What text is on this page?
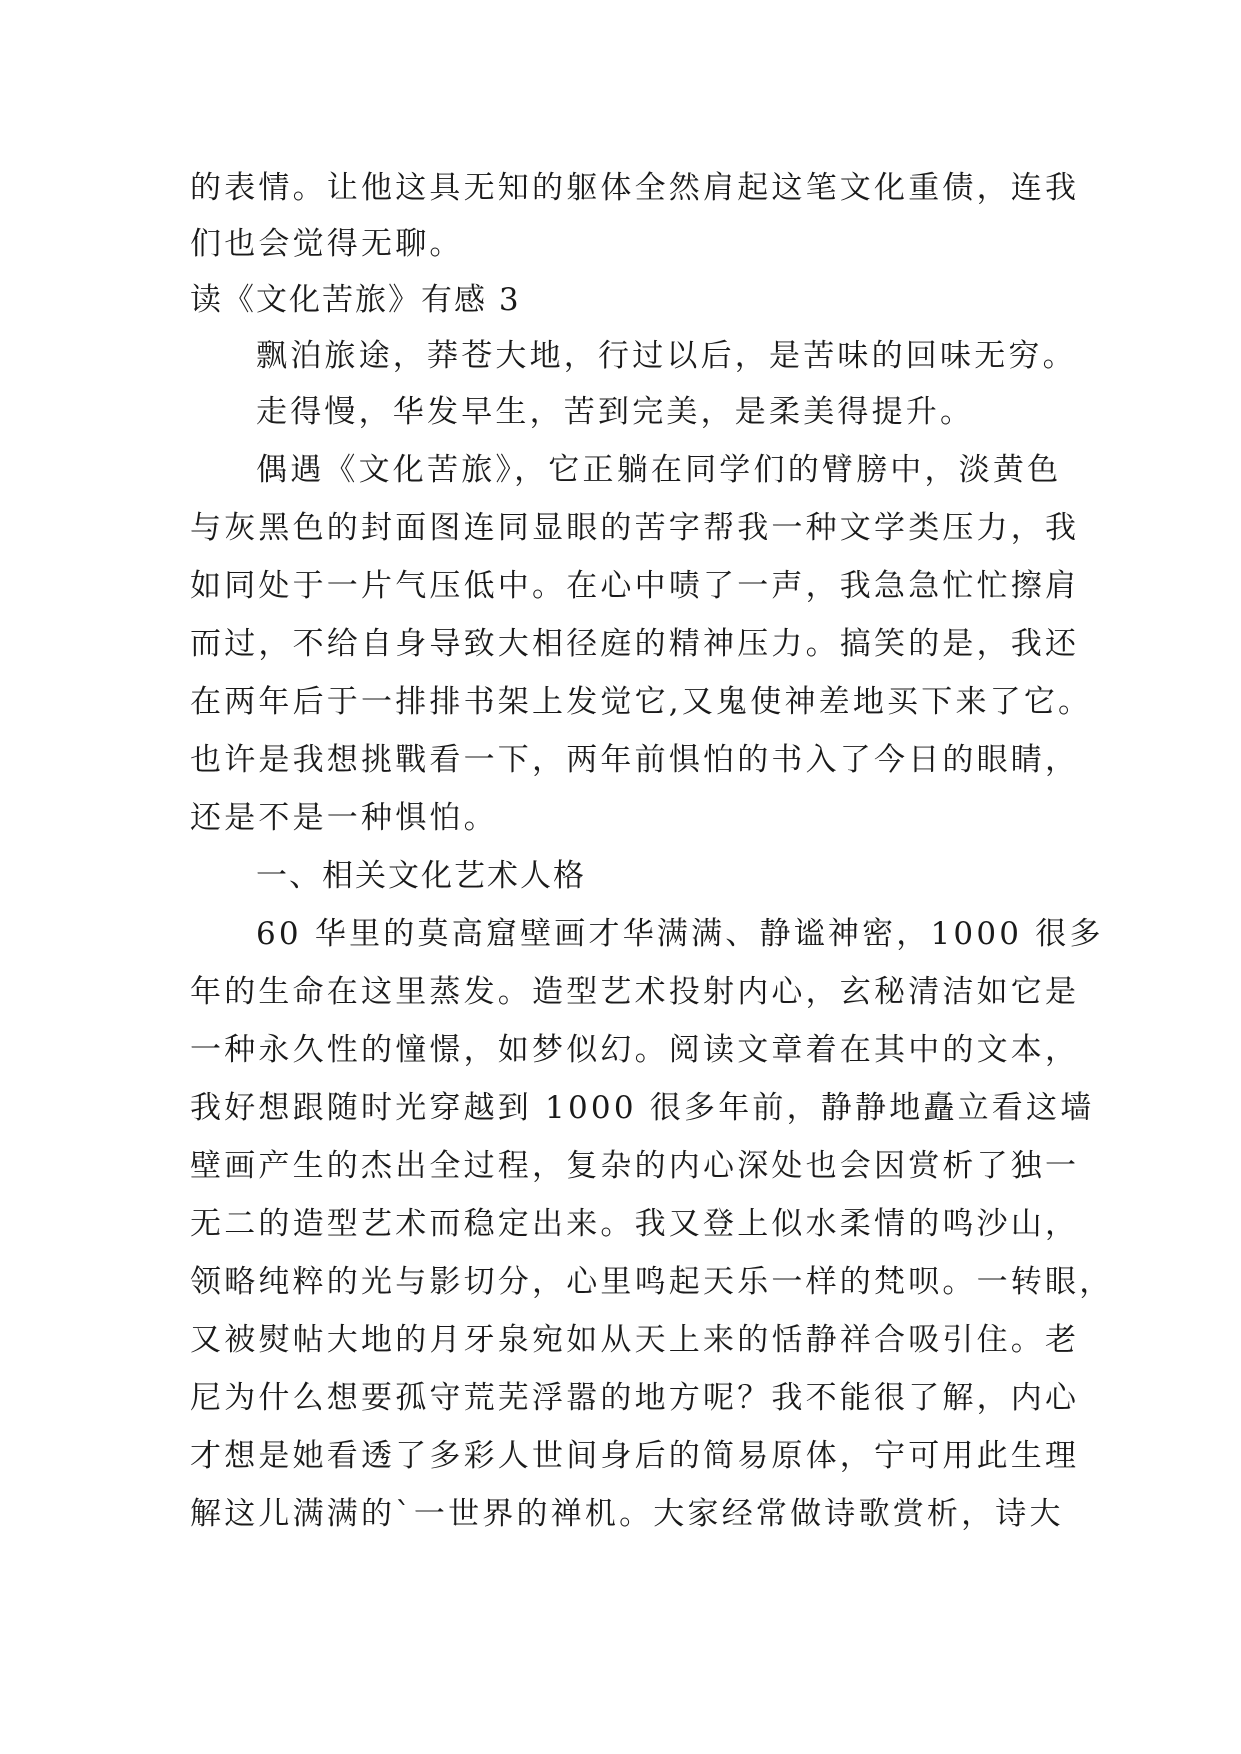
的表情。让他这具无知的躯体全然肩起这笔文化重债，连我
们也会觉得无聊。
读《文化苦旅》有感 3
飘泊旅途，莽苍大地，行过以后，是苦味的回味无穷。
走得慢，华发早生，苦到完美，是柔美得提升。
偶遇《文化苦旅》，它正躺在同学们的臂膀中，淡黄色
与灰黑色的封面图连同显眼的苦字帮我一种文学类压力，我
如同处于一片气压低中。在心中啧了一声，我急急忙忙擦肩
而过，不给自身导致大相径庭的精神压力。搞笑的是，我还
在两年后于一排排书架上发觉它,又鬼使神差地买下来了它。
也许是我想挑戰看一下，两年前惧怕的书入了今日的眼睛，
还是不是一种惧怕。
一、相关文化艺术人格
60 华里的莫高窟壁画才华满满、静谧神密，1000 很多
年的生命在这里蒸发。造型艺术投射内心，玄秘清洁如它是
一种永久性的憧憬，如梦似幻。阅读文章着在其中的文本，
我好想跟随时光穿越到 1000 很多年前，静静地矗立看这墙
壁画产生的杰出全过程，复杂的内心深处也会因赏析了独一
无二的造型艺术而稳定出来。我又登上似水柔情的鸣沙山，
领略纯粹的光与影切分，心里鸣起天乐一样的梵呗。一转眼，
又被熨帖大地的月牙泉宛如从天上来的恬静祥合吸引住。老
尼为什么想要孤守荒芜浮嚣的地方呢？我不能很了解，内心
才想是她看透了多彩人世间身后的简易原体，宁可用此生理
解这儿满满的`一世界的禅机。大家经常做诗歌赏析，诗大
